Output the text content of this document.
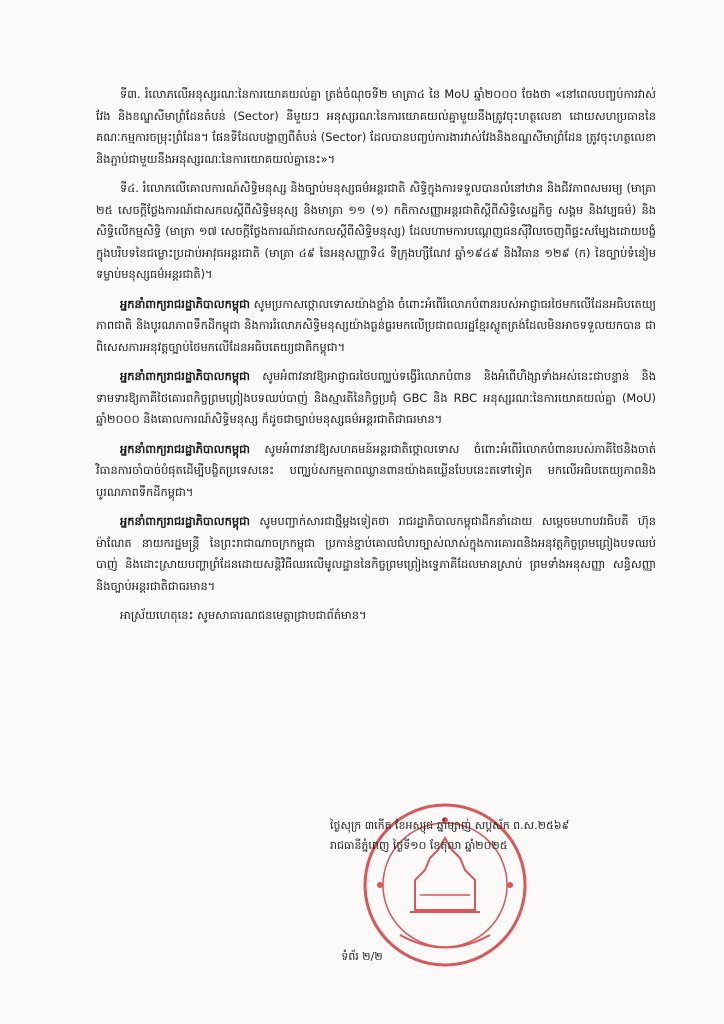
ទី៣. រំលោភលើអនុស្សរណៈនៃការយោគយល់គ្នា ត្រង់ចំណុចទី២ មាត្រា៤ នៃ MoU ឆ្នាំ២០០០ ចែងថា «នៅពេលបញ្ចប់ការវាស់វែង និងខណ្ឌសីមាព្រំដែនតំបន់ (Sector) នីមួយៗ អនុស្សរណៈនៃការយោគយល់គ្នាមួយនឹងត្រូវចុះហត្ថលេខា ដោយសហប្រធាននៃគណៈកម្មការចម្រុះព្រំដែន។ ផែនទីដែលបង្ហាញពីតំបន់ (Sector) ដែលបានបញ្ចប់ការងារវាស់វែងនិងខណ្ឌសីមាព្រំដែន ត្រូវចុះហត្ថលេខានិងភ្ជាប់ជាមួយនឹងអនុស្សរណៈនៃការយោគយល់គ្នានេះ»។

ទី៤. រំលោភលើគោលការណ៍សិទ្ធិមនុស្ស និងច្បាប់មនុស្សធម៌អន្តរជាតិ សិទ្ធិក្នុងការទទួលបានលំនៅឋាន និងជីវភាពសមរម្យ (មាត្រា ២៥ សេចក្តីថ្លែងការណ៍ជាសកលស្តីពីសិទ្ធិមនុស្ស និងមាត្រា ១១ (១) កតិកាសញ្ញាអន្តរជាតិស្តីពីសិទ្ធិសេដ្ឋកិច្ច សង្គម និងវប្បធម៌) និងសិទ្ធិលើកម្មសិទ្ធិ (មាត្រា ១៧ សេចក្តីថ្លែងការណ៍ជាសកលស្តីពីសិទ្ធិមនុស្ស) ដែលហាមការបណ្តេញជនស៊ីវិលចេញពីផ្ទះសម្បែងដោយបង្ខំ ក្នុងបរិបទនៃជម្លោះប្រដាប់អាវុធអន្តរជាតិ (មាត្រា ៤៩ នៃអនុសញ្ញាទី៤ ទីក្រុងហ្សឺណែវ ឆ្នាំ១៩៤៩ និងវិធាន ១២៩ (ក) នៃច្បាប់ទំនៀមទម្លាប់មនុស្សធម៌អន្តរជាតិ)។

អ្នកនាំពាក្យរាជរដ្ឋាភិបាលកម្ពុជា សូមប្រកាសថ្កោលទោសយ៉ាងខ្លាំង ចំពោះអំពើរំលោភបំពានរបស់អាជ្ញាធរថៃមកលើដែនអធិបតេយ្យភាពជាតិ និងបូរណភាពទឹកដីកម្ពុជា និងការរំលោភសិទ្ធិមនុស្សយ៉ាងធ្ងន់ធ្ងរមកលើប្រជាពលរដ្ឋខ្មែរស្លូតត្រង់ដែលមិនអាចទទួលយកបាន ជាពិសេសការអនុវត្តច្បាប់ថៃមកលើដែនអធិបតេយ្យជាតិកម្ពុជា។

អ្នកនាំពាក្យរាជរដ្ឋាភិបាលកម្ពុជា សូមអំពាវនាវឱ្យអាជ្ញាធរថៃបញ្ឈប់ទង្វើរំលោភបំពាន និងអំពើហិង្សាទាំងអស់នេះជាបន្ទាន់ និងទាមទារឱ្យភាគីថៃគោរពកិច្ចព្រមព្រៀងបទឈប់បាញ់ និងស្មារតីនៃកិច្ចប្រជុំ GBC និង RBC អនុស្សរណៈនៃការយោគយល់គ្នា (MoU) ឆ្នាំ២០០០ និងគោលការណ៍សិទ្ធិមនុស្ស ក៏ដូចជាច្បាប់មនុស្សធម៌អន្តរជាតិជាធរមាន។

អ្នកនាំពាក្យរាជរដ្ឋាភិបាលកម្ពុជា សូមអំពាវនាវឱ្យសហគមន៍អន្តរជាតិថ្កោលទោស ចំពោះអំពើរំលោភបំពានរបស់ភាគីថៃនិងចាត់វិធានការចាំបាច់បំផុតដើម្បីបង្ខិតប្រទេសនេះ បញ្ឈប់សកម្មភាពឈ្លានពានយ៉ាងគឃ្លើនបែបនេះតទៅទៀត មកលើអធិបតេយ្យភាពនិងបូរណភាពទឹកដីកម្ពុជា។

អ្នកនាំពាក្យរាជរដ្ឋាភិបាលកម្ពុជា សូមបញ្ជាក់សារជាថ្មីម្តងទៀតថា រាជរដ្ឋាភិបាលកម្ពុជាដឹកនាំដោយ សម្តេចមហាបវរធិបតី ហ៊ុន ម៉ាណែត នាយករដ្ឋមន្ត្រី នៃព្រះរាជាណាចក្រកម្ពុជា ប្រកាន់ខ្ជាប់គោលជំហរច្បាស់លាស់ក្នុងការគោរពនិងអនុវត្តកិច្ចព្រមព្រៀងបទឈប់បាញ់ និងដោះស្រាយបញ្ហាព្រំដែនដោយសន្តិវិធីឈរលើមូលដ្ឋាននៃកិច្ចព្រមព្រៀងទ្វេភាគីដែលមានស្រាប់ ព្រមទាំងអនុសញ្ញា សន្ធិសញ្ញា និងច្បាប់អន្តរជាតិជាធរមាន។

អាស្រ័យហេតុនេះ សូមសាធារណជនមេត្តាជ្រាបជាព័ត៌មាន។

ថ្ងៃសុក្រ ៣កើត ខែអស្សុជ ឆ្នាំម្សាញ់ សប្តស័ក ព.ស.២៥៦៩
រាជធានីភ្នំពេញ ថ្ងៃទី១០ ខែតុលា ឆ្នាំ២០២៥
ទំព័រ ២/២
